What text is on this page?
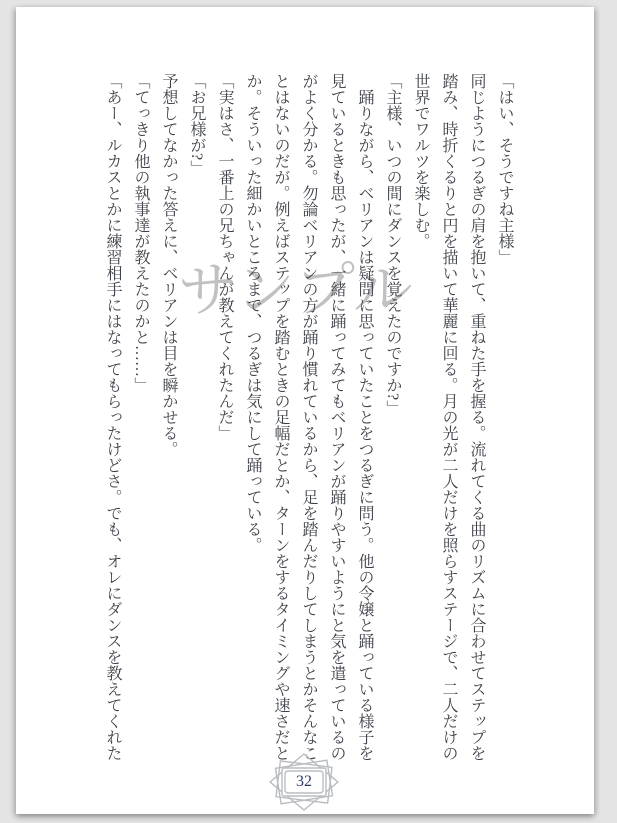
サンプル
「はい、そうですね主様」
同じようにつるぎの肩を抱いて、重ねた手を握る。流れてくる曲のリズムに合わせてステップを
踏み、時折くるりと円を描いて華麗に回る。月の光が二人だけを照らすステージで、二人だけの
世界でワルツを楽しむ。
「主様、いつの間にダンスを覚えたのですか?」
踊りながら、ベリアンは疑問に思っていたことをつるぎに問う。他の令嬢と踊っている様子を
見ているときも思ったが、一緒に踊ってみてもベリアンが踊りやすいようにと気を遣っているの
がよく分かる。勿論ベリアンの方が踊り慣れているから、足を踏んだりしてしまうとかそんなこ
とはないのだが。例えばステップを踏むときの足幅だとか、ターンをするタイミングや速さだと
か。そういった細かいところまで、つるぎは気にして踊っている。
「実はさ、一番上の兄ちゃんが教えてくれたんだ」
「お兄様が?」
予想してなかった答えに、ベリアンは目を瞬かせる。
「てっきり他の執事達が教えたのかと……」
「あー、ルカスとかに練習相手にはなってもらったけどさ。でも、オレにダンスを教えてくれた
32
